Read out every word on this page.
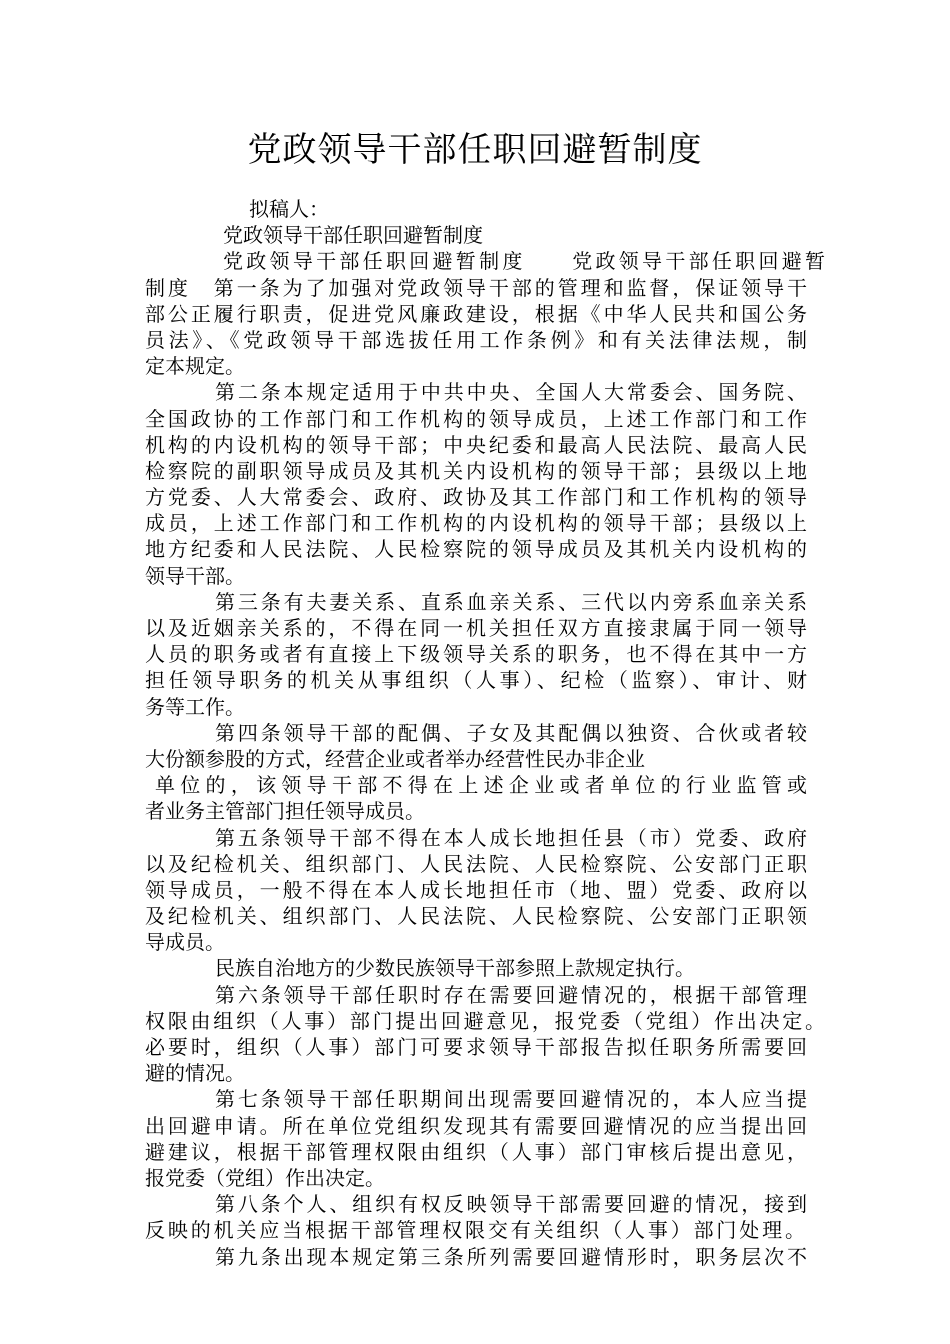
党政领导干部任职回避暂制度
拟稿人：
党政领导干部任职回避暂制度
党政领导干部任职回避暂制度　　党政领导干部任职回避暂
制度　第一条为了加强对党政领导干部的管理和监督，保证领导干
部公正履行职责，促进党风廉政建设，根据《中华人民共和国公务
员法》、《党政领导干部选拔任用工作条例》和有关法律法规，制
定本规定。
第二条本规定适用于中共中央、全国人大常委会、国务院、
全国政协的工作部门和工作机构的领导成员，上述工作部门和工作
机构的内设机构的领导干部；中央纪委和最高人民法院、最高人民
检察院的副职领导成员及其机关内设机构的领导干部；县级以上地
方党委、人大常委会、政府、政协及其工作部门和工作机构的领导
成员，上述工作部门和工作机构的内设机构的领导干部；县级以上
地方纪委和人民法院、人民检察院的领导成员及其机关内设机构的
领导干部。
第三条有夫妻关系、直系血亲关系、三代以内旁系血亲关系
以及近姻亲关系的，不得在同一机关担任双方直接隶属于同一领导
人员的职务或者有直接上下级领导关系的职务，也不得在其中一方
担任领导职务的机关从事组织（人事）、纪检（监察）、审计、财
务等工作。
第四条领导干部的配偶、子女及其配偶以独资、合伙或者较
大份额参股的方式，经营企业或者举办经营性民办非企业
单位的，该领导干部不得在上述企业或者单位的行业监管或
者业务主管部门担任领导成员。
第五条领导干部不得在本人成长地担任县（市）党委、政府
以及纪检机关、组织部门、人民法院、人民检察院、公安部门正职
领导成员，一般不得在本人成长地担任市（地、盟）党委、政府以
及纪检机关、组织部门、人民法院、人民检察院、公安部门正职领
导成员。
民族自治地方的少数民族领导干部参照上款规定执行。
第六条领导干部任职时存在需要回避情况的，根据干部管理
权限由组织（人事）部门提出回避意见，报党委（党组）作出决定。
必要时，组织（人事）部门可要求领导干部报告拟任职务所需要回
避的情况。
第七条领导干部任职期间出现需要回避情况的，本人应当提
出回避申请。所在单位党组织发现其有需要回避情况的应当提出回
避建议，根据干部管理权限由组织（人事）部门审核后提出意见，
报党委（党组）作出决定。
第八条个人、组织有权反映领导干部需要回避的情况，接到
反映的机关应当根据干部管理权限交有关组织（人事）部门处理。
第九条出现本规定第三条所列需要回避情形时，职务层次不
